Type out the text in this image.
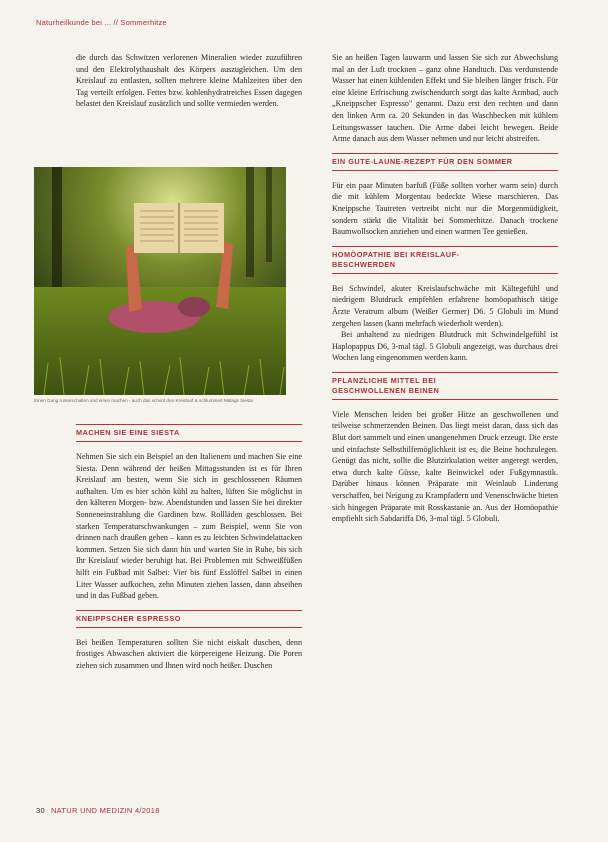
Naturheilkunde bei ... // Sommerhitze

die durch das Schwitzen verlorenen Mineralien wieder zuzuführen und den Elektrolythaushalt des Körpers auszugleichen. Um den Kreislauf zu entlasten, sollten mehrere kleine Mahlzeiten über den Tag verteilt erfolgen. Fettes bzw. kohlenhydratreiches Essen dagegen belastet den Kreislauf zusätzlich und sollte vermieden werden.

Einen Gang runterschalten und einen machen - auch das schont den Kreislauf & schlummert Mittags Siesta
MACHEN SIE EINE SIESTA

Nehmen Sie sich ein Beispiel an den Italienern und machen Sie eine Siesta. Denn während der heißen Mittagsstunden ist es für Ihren Kreislauf am besten, wenn Sie sich in geschlossenen Räumen aufhalten. Um es hier schön kühl zu halten, lüften Sie möglichst in den kälteren Morgen- bzw. Abendstunden und lassen Sie bei direkter Sonneneinstrahlung die Gardinen bzw. Rollläden geschlossen. Bei starken Temperaturschwankungen – zum Beispiel, wenn Sie von drinnen nach draußen gehen – kann es zu leichten Schwindelattacken kommen. Setzen Sie sich dann hin und warten Sie in Ruhe, bis sich Ihr Kreislauf wieder beruhigt hat. Bei Problemen mit Schweißfüßen hilft ein Fußbad mit Salbei: Vier bis fünf Esslöffel Salbei in einen Liter Wasser aufkochen, zehn Minuten ziehen lassen, dann abseihen und in das Fußbad geben.

KNEIPPSCHER ESPRESSO

Bei heißen Temperaturen sollten Sie nicht eiskalt duschen, denn frostiges Abwaschen aktiviert die körpereigene Heizung. Die Poren ziehen sich zusammen und Ihnen wird noch heißer. Duschen

Sie an heißen Tagen lauwarm und lassen Sie sich zur Abwechslung mal an der Luft trocknen – ganz ohne Handtuch. Das verdunstende Wasser hat einen kühlenden Effekt und Sie bleiben länger frisch. Für eine kleine Erfrischung zwischendurch sorgt das kalte Armbad, auch „Kneippscher Espresso" genannt. Dazu erst den rechten und dann den linken Arm ca. 20 Sekunden in das Waschbecken mit kühlem Leitungswasser tauchen. Die Arme dabei leicht bewegen. Beide Arme danach aus dem Wasser nehmen und nur leicht abstreifen.

EIN GUTE-LAUNE-REZEPT FÜR DEN SOMMER

Für ein paar Minuten barfuß (Füße sollten vorher warm sein) durch die mit kühlem Morgentau bedeckte Wiese marschieren. Das Kneippsche Tautreten vertreibt nicht nur die Morgenmüdigkeit, sondern stärkt die Vitalität bei Sommerhitze. Danach trockene Baumwollsocken anziehen und einen warmen Tee genießen.

HOMÖOPATHIE BEI KREISLAUF-
BESCHWERDEN

Bei Schwindel, akuter Kreislaufschwäche mit Kältegefühl und niedrigem Blutdruck empfehlen erfahrene homöopathisch tätige Ärzte Veratrum album (Weißer Germer) D6. 5 Globuli im Mund zergehen lassen (kann mehrfach wiederholt werden).

Bei anhaltend zu niedrigen Blutdruck mit Schwindelgefühl ist Haplopappus D6, 3-mal tägl. 5 Globuli angezeigt, was durchaus drei Wochen lang eingenommen werden kann.

PFLANZLICHE MITTEL BEI
GESCHWOLLENEN BEINEN

Viele Menschen leiden bei großer Hitze an geschwollenen und teilweise schmerzenden Beinen. Das liegt meist daran, dass sich das Blut dort sammelt und einen unangenehmen Druck erzeugt. Die erste und einfachste Selbsthilfemöglichkeit ist es, die Beine hochzulegen. Genügt das nicht, sollte die Blutzirkulation weiter angeregt werden, etwa durch kalte Güsse, kalte Beinwickel oder Fußgymnastik. Darüber hinaus können Präparate mit Weinlaub Linderung verschaffen, bei Neigung zu Krampfadern und Venenschwäche bieten sich hingegen Präparate mit Rosskastanie an. Aus der Homöopathie empfiehlt sich Sabdariffa D6, 3-mal tägl. 5 Globuli.

30 NATUR UND MEDIZIN 4/2018
